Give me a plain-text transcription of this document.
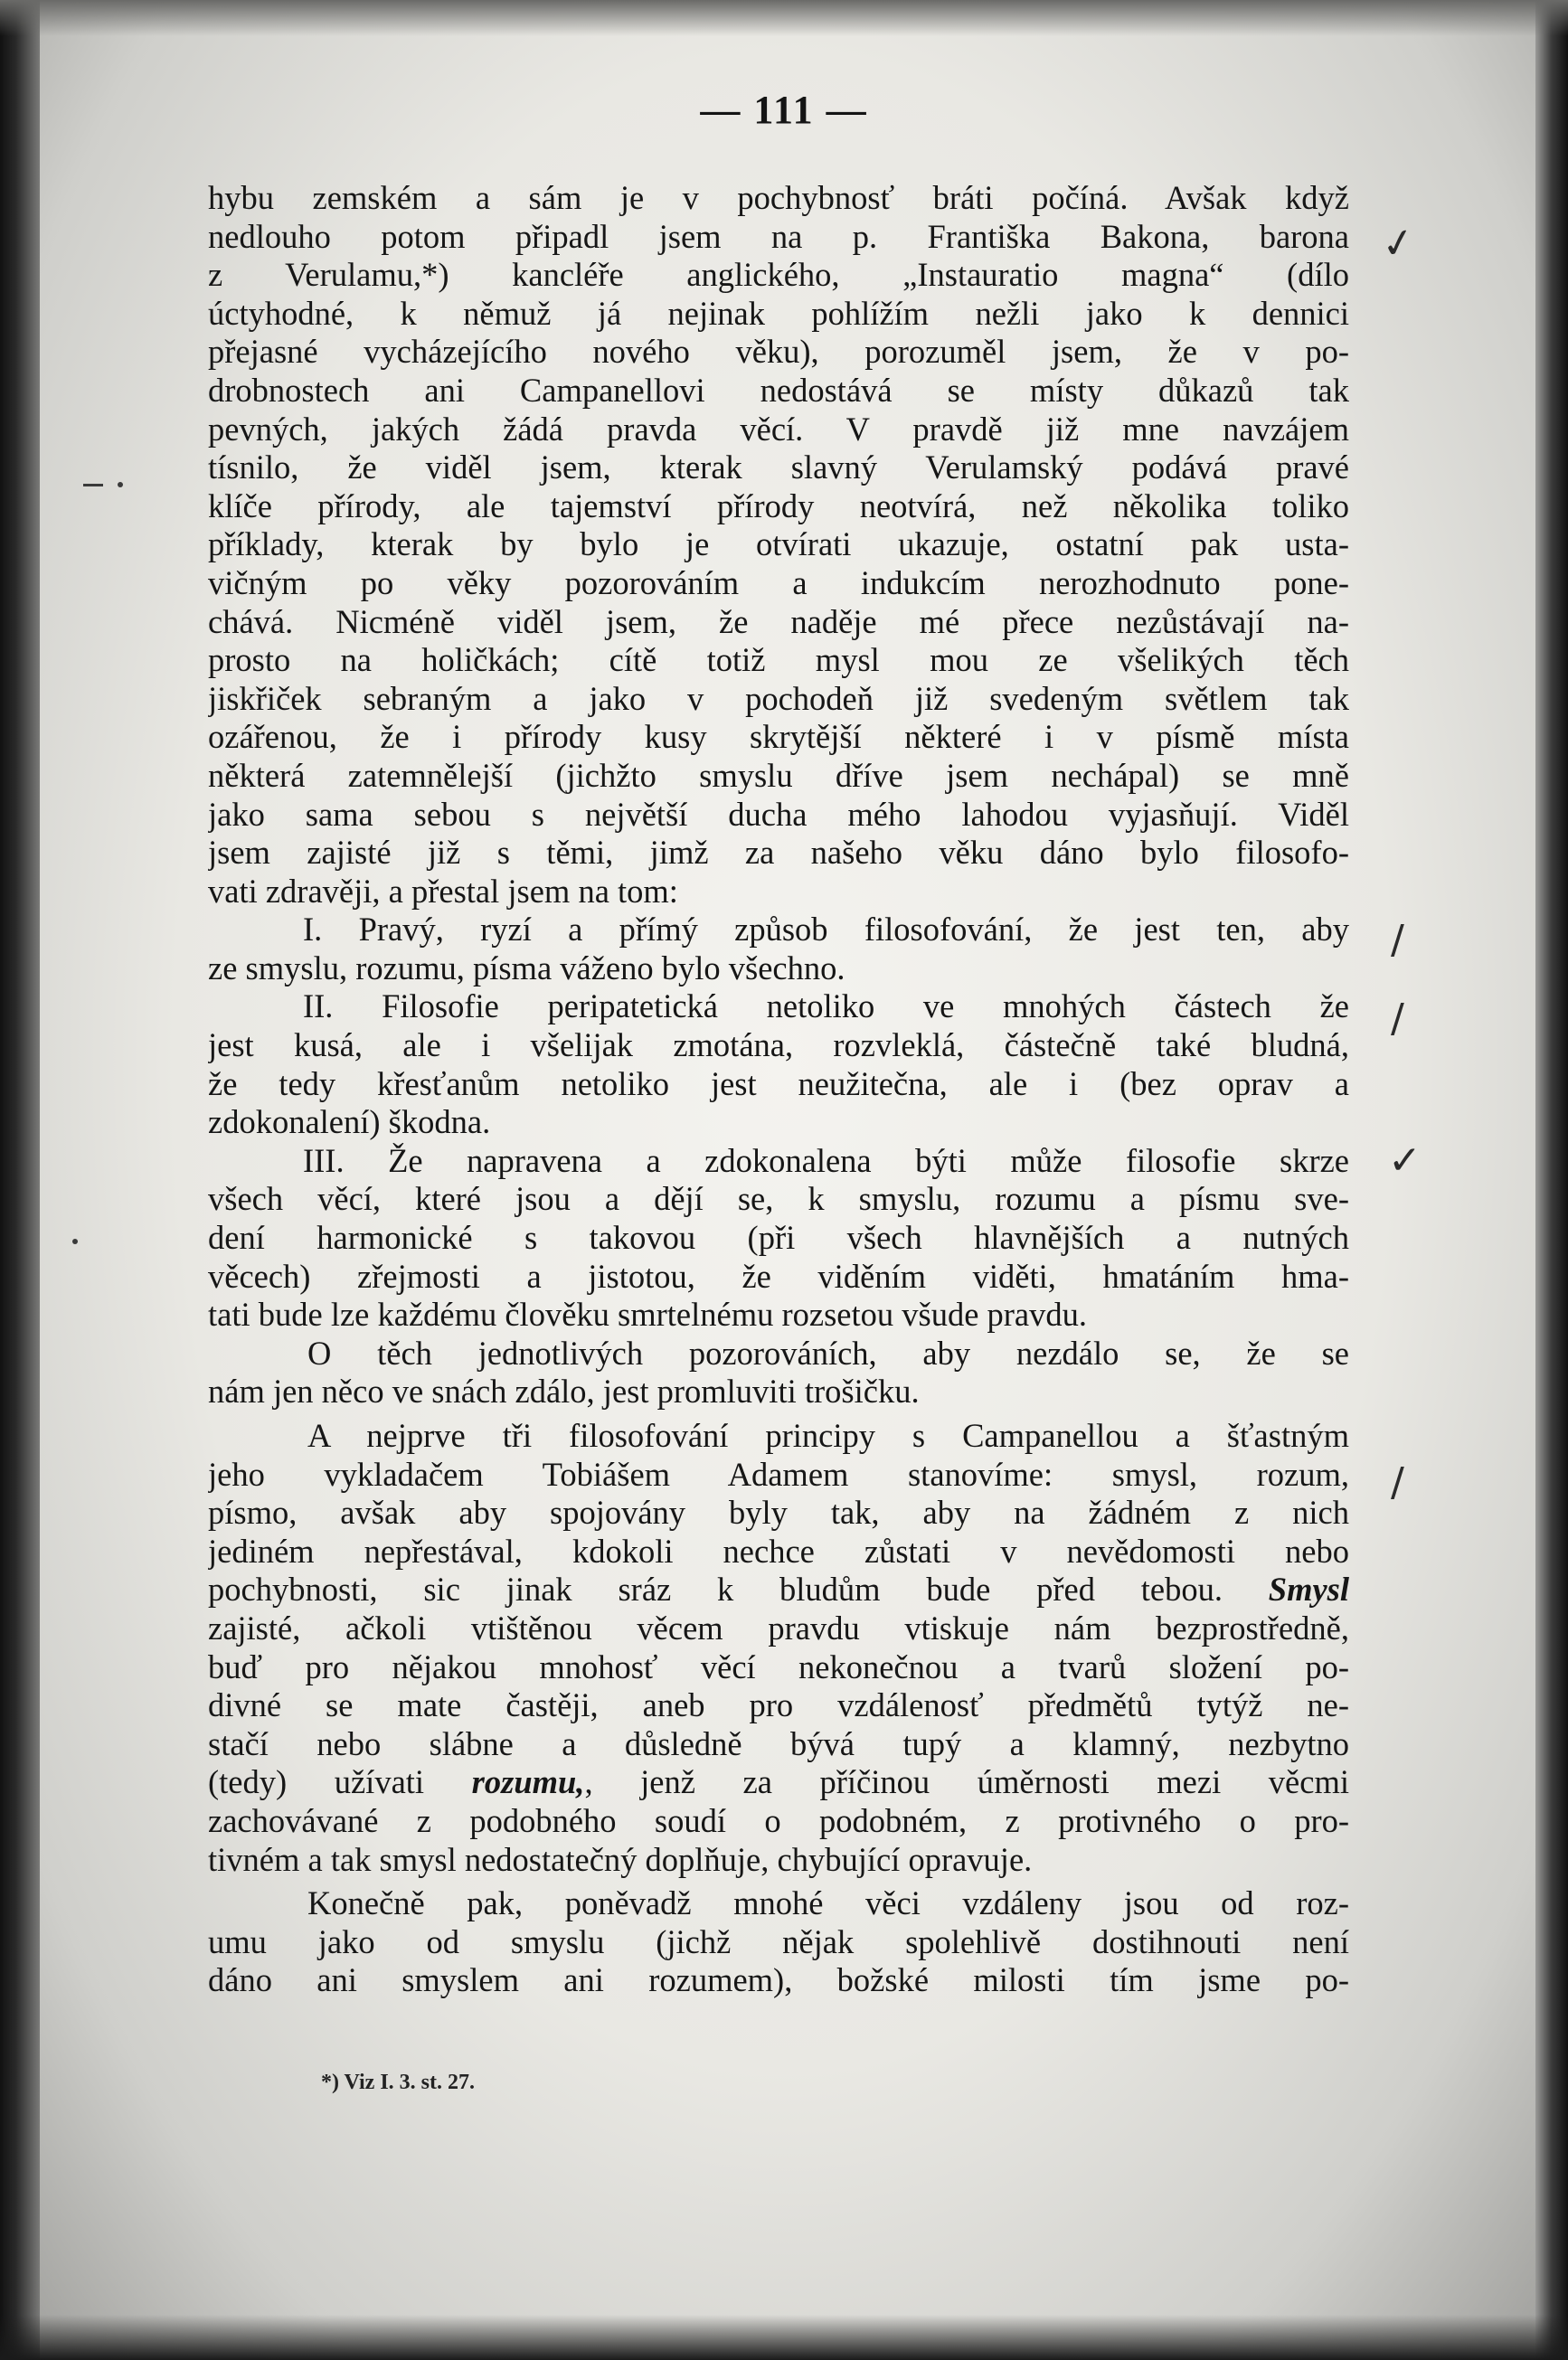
— 111 —
hybu zemském a sám je v pochybnosť bráti počíná. Avšak když
nedlouho potom připadl jsem na p. Františka Bakona, barona
z Verulamu,*) kancléře anglického, „Instauratio magna“ (dílo
úctyhodné, k němuž já nejinak pohlížím nežli jako k dennici
přejasné vycházejícího nového věku), porozuměl jsem, že v po-
drobnostech ani Campanellovi nedostává se místy důkazů tak
pevných, jakých žádá pravda věcí. V pravdě již mne navzájem
tísnilo, že viděl jsem, kterak slavný Verulamský podává pravé
klíče přírody, ale tajemství přírody neotvírá, než několika toliko
příklady, kterak by bylo je otvírati ukazuje, ostatní pak usta-
vičným po věky pozorováním a indukcím nerozhodnuto pone-
chává. Nicméně viděl jsem, že naděje mé přece nezůstávají na-
prosto na holičkách; cítě totiž mysl mou ze všelikých těch
jiskřiček sebraným a jako v pochodeň již svedeným světlem tak
ozářenou, že i přírody kusy skrytější některé i v písmě místa
některá zatemnělejší (jichžto smyslu dříve jsem nechápal) se mně
jako sama sebou s největší ducha mého lahodou vyjasňují. Viděl
jsem zajisté již s těmi, jimž za našeho věku dáno bylo filosofo-
vati zdravěji, a přestal jsem na tom:
I. Pravý, ryzí a přímý způsob filosofování, že jest ten, aby
ze smyslu, rozumu, písma váženo bylo všechno.
II. Filosofie peripatetická netoliko ve mnohých částech že
jest kusá, ale i všelijak zmotána, rozvleklá, částečně také bludná,
že tedy křesťanům netoliko jest neužitečna, ale i (bez oprav a
zdokonalení) škodna.
III. Že napravena a zdokonalena býti může filosofie skrze
všech věcí, které jsou a dějí se, k smyslu, rozumu a písmu sve-
dení harmonické s takovou (při všech hlavnějších a nutných
věcech) zřejmosti a jistotou, že viděním viděti, hmatáním hma-
tati bude lze každému člověku smrtelnému rozsetou všude pravdu.
O těch jednotlivých pozorováních, aby nezdálo se, že se
nám jen něco ve snách zdálo, jest promluviti trošičku.
A nejprve tři filosofování principy s Campanellou a šťastným
jeho vykladačem Tobiášem Adamem stanovíme: smysl, rozum,
písmo, avšak aby spojovány byly tak, aby na žádném z nich
jediném nepřestával, kdokoli nechce zůstati v nevědomosti nebo
pochybnosti, sic jinak sráz k bludům bude před tebou. Smysl
zajisté, ačkoli vtištěnou věcem pravdu vtiskuje nám bezprostředně,
buď pro nějakou mnohosť věcí nekonečnou a tvarů složení po-
divné se mate častěji, aneb pro vzdálenosť předmětů tytýž ne-
stačí nebo slábne a důsledně bývá tupý a klamný, nezbytno
(tedy) užívati rozumu,, jenž za příčinou úměrnosti mezi věcmi
zachovávané z podobného soudí o podobném, z protivného o pro-
tivném a tak smysl nedostatečný doplňuje, chybující opravuje.
Konečně pak, poněvadž mnohé věci vzdáleny jsou od roz-
umu jako od smyslu (jichž nějak spolehlivě dostihnouti není
dáno ani smyslem ani rozumem), božské milosti tím jsme po-
*) Viz I. 3. st. 27.
✓
/
/
✓
/
